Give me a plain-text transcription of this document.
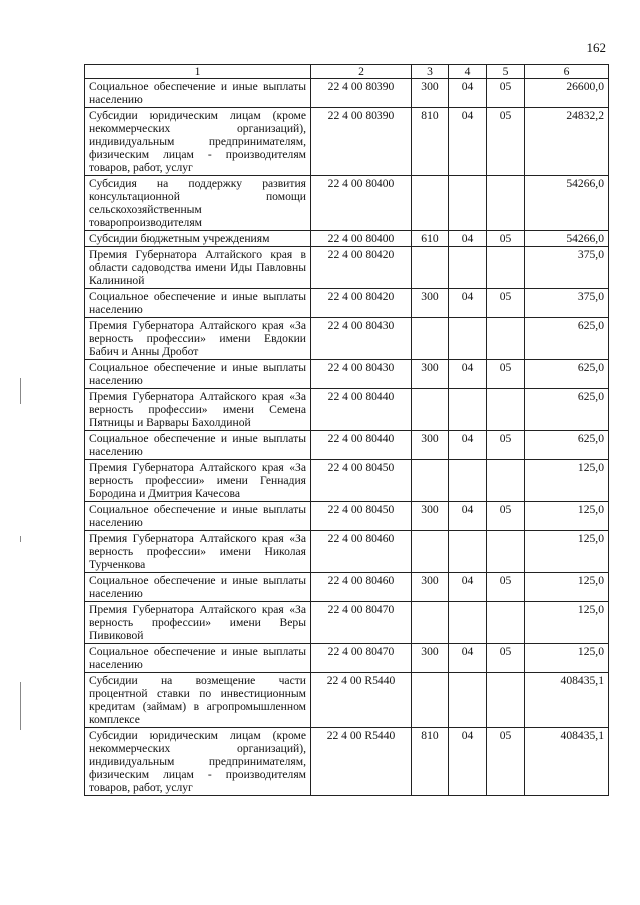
162
1	2	3	4	5	6
Социальное обеспечение и иные выплаты населению	22 4 00 80390	300	04	05	26600,0
Субсидии юридическим лицам (кроме некоммерческих организаций), индивидуальным предпринимателям, физическим лицам - производителям товаров, работ, услуг	22 4 00 80390	810	04	05	24832,2
Субсидия на поддержку развития консультационной помощи сельскохозяйственным товаропроизводителям	22 4 00 80400				54266,0
Субсидии бюджетным учреждениям	22 4 00 80400	610	04	05	54266,0
Премия Губернатора Алтайского края в области садоводства имени Иды Павловны Калининой	22 4 00 80420				375,0
Социальное обеспечение и иные выплаты населению	22 4 00 80420	300	04	05	375,0
Премия Губернатора Алтайского края «За верность профессии» имени Евдокии Бабич и Анны Дробот	22 4 00 80430				625,0
Социальное обеспечение и иные выплаты населению	22 4 00 80430	300	04	05	625,0
Премия Губернатора Алтайского края «За верность профессии» имени Семена Пятницы и Варвары Бахолдиной	22 4 00 80440				625,0
Социальное обеспечение и иные выплаты населению	22 4 00 80440	300	04	05	625,0
Премия Губернатора Алтайского края «За верность профессии» имени Геннадия Бородина и Дмитрия Качесова	22 4 00 80450				125,0
Социальное обеспечение и иные выплаты населению	22 4 00 80450	300	04	05	125,0
Премия Губернатора Алтайского края «За верность профессии» имени Николая Турченкова	22 4 00 80460				125,0
Социальное обеспечение и иные выплаты населению	22 4 00 80460	300	04	05	125,0
Премия Губернатора Алтайского края «За верность профессии» имени Веры Пивиковой	22 4 00 80470				125,0
Социальное обеспечение и иные выплаты населению	22 4 00 80470	300	04	05	125,0
Субсидии на возмещение части процентной ставки по инвестиционным кредитам (займам) в агропромышленном комплексе	22 4 00 R5440				408435,1
Субсидии юридическим лицам (кроме некоммерческих организаций), индивидуальным предпринимателям, физическим лицам - производителям товаров, работ, услуг	22 4 00 R5440	810	04	05	408435,1
